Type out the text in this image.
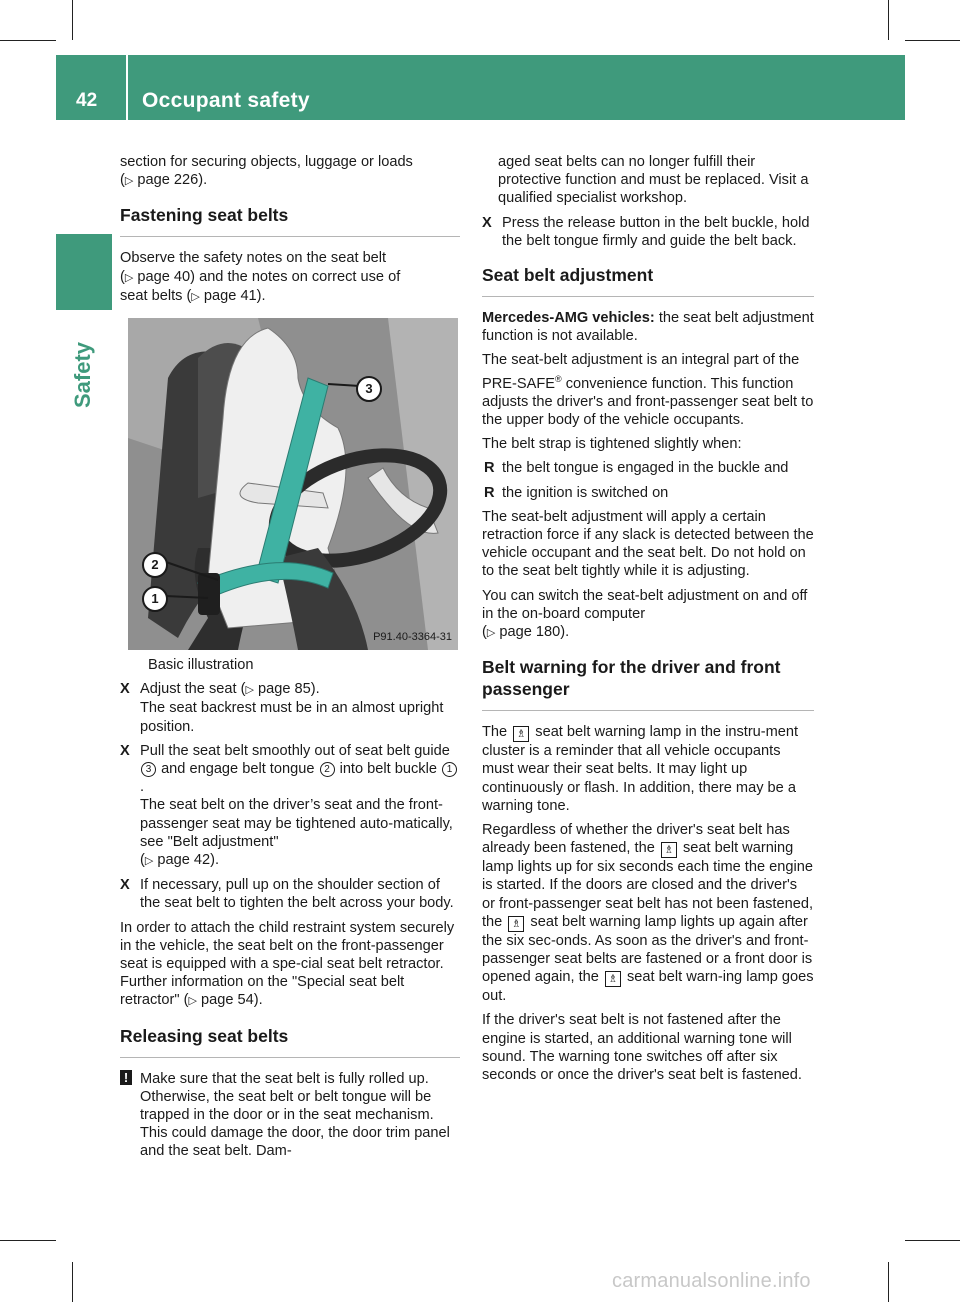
42 Occupant safety
Safety

section for securing objects, luggage or loads
(▷ page 226).

Fastening seat belts

Observe the safety notes on the seat belt
(▷ page 40) and the notes on correct use of
seat belts (▷ page 41).

3
2
1
P91.40-3364-31

Basic illustration

X Adjust the seat (▷ page 85).
The seat backrest must be in an almost upright position.
X Pull the seat belt smoothly out of seat belt guide 3 and engage belt tongue 2 into belt buckle 1.
The seat belt on the driver’s seat and the front-passenger seat may be tightened auto-matically, see "Belt adjustment"
(▷ page 42).
X If necessary, pull up on the shoulder section of the seat belt to tighten the belt across your body.

In order to attach the child restraint system securely in the vehicle, the seat belt on the front-passenger seat is equipped with a spe-cial seat belt retractor. Further information on the "Special seat belt retractor" (▷ page 54).

Releasing seat belts
! Make sure that the seat belt is fully rolled up. Otherwise, the seat belt or belt tongue will be trapped in the door or in the seat mechanism. This could damage the door, the door trim panel and the seat belt. Dam-

aged seat belts can no longer fulfill their protective function and must be replaced. Visit a qualified specialist workshop.

X Press the release button in the belt buckle, hold the belt tongue firmly and guide the belt back.
Seat belt adjustment

Mercedes-AMG vehicles: the seat belt adjustment function is not available.

The seat-belt adjustment is an integral part of the PRE-SAFE® convenience function. This function adjusts the driver's and front-passenger seat belt to the upper body of the vehicle occupants.

The belt strap is tightened slightly when:

R the belt tongue is engaged in the buckle and
R the ignition is switched on

The seat-belt adjustment will apply a certain retraction force if any slack is detected between the vehicle occupant and the seat belt. Do not hold on to the seat belt tightly while it is adjusting.

You can switch the seat-belt adjustment on and off in the on-board computer
(▷ page 180).

Belt warning for the driver and front passenger

The ♗ seat belt warning lamp in the instru-ment cluster is a reminder that all vehicle occupants must wear their seat belts. It may light up continuously or flash. In addition, there may be a warning tone.

Regardless of whether the driver's seat belt has already been fastened, the ♗ seat belt warning lamp lights up for six seconds each time the engine is started. If the doors are closed and the driver's or front-passenger seat belt has not been fastened, the ♗ seat belt warning lamp lights up again after the six sec-onds. As soon as the driver's and front-passenger seat belts are fastened or a front door is opened again, the ♗ seat belt warn-ing lamp goes out.

If the driver's seat belt is not fastened after the engine is started, an additional warning tone will sound. The warning tone switches off after six seconds or once the driver's seat belt is fastened.

carmanualsonline.info
